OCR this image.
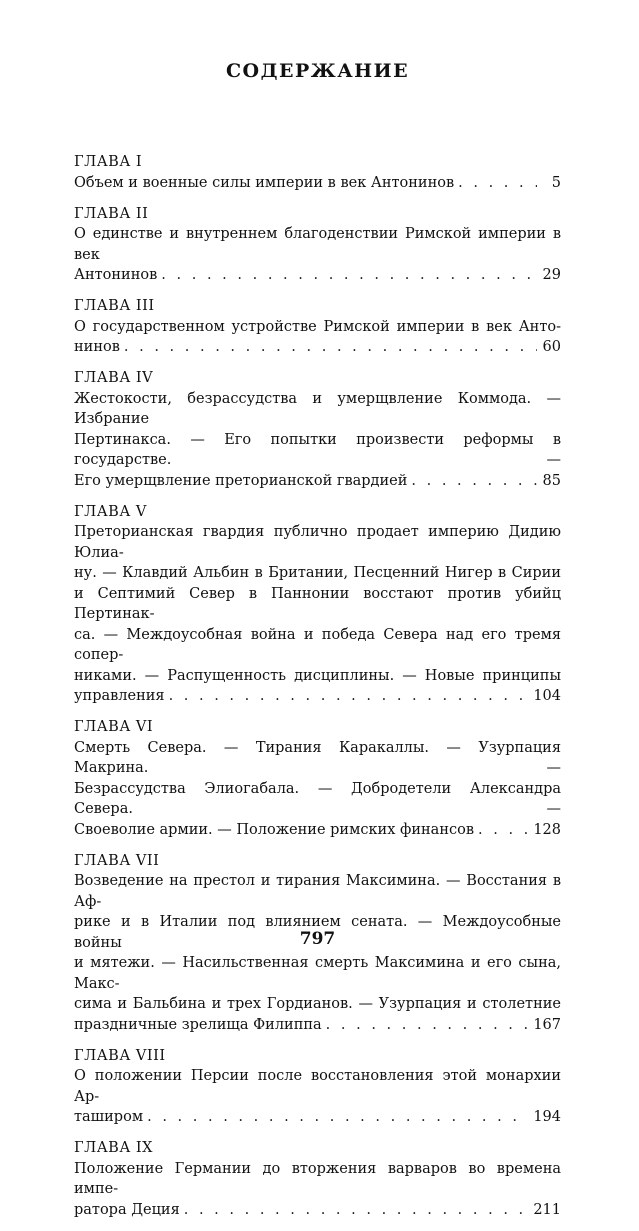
СОДЕРЖАНИЕ
ГЛАВА I
Объем и военные силы империи в век Антонинов . . .	5
ГЛАВА II
О единстве и внутреннем благоденствии Римской империи в век
Антонинов . . .	29
ГЛАВА III
О государственном устройстве Римской империи в век Анто-
нинов . . .	60
ГЛАВА IV
Жестокости, безрассудства и умерщвление Коммода. — Избрание
Пертинакса. — Его попытки произвести реформы в государстве. —
Его умерщвление преторианской гвардией . . .	85
ГЛАВА V
Преторианская гвардия публично продает империю Дидию Юлиа-
ну. — Клавдий Альбин в Британии, Песценний Нигер в Сирии
и Септимий Север в Паннонии восстают против убийц Пертинак-
са. — Междоусобная война и победа Севера над его тремя сопер-
никами. — Распущенность дисциплины. — Новые принципы
управления . . .	104
ГЛАВА VI
Смерть Севера. — Тирания Каракаллы. — Узурпация Макрина. —
Безрассудства Элиогабала. — Добродетели Александра Севера. —
Своеволие армии. — Положение римских финансов . . .	128
ГЛАВА VII
Возведение на престол и тирания Максимина. — Восстания в Аф-
рике и в Италии под влиянием сената. — Междоусобные войны
и мятежи. — Насильственная смерть Максимина и его сына, Макс-
сима и Бальбина и трех Гордианов. — Узурпация и столетние
праздничные зрелища Филиппа . . .	167
ГЛАВА VIII
О положении Персии после восстановления этой монархии Ар-
таширом . . .	194
ГЛАВА IX
Положение Германии до вторжения варваров во времена импе-
ратора Деция . . .	211
797
